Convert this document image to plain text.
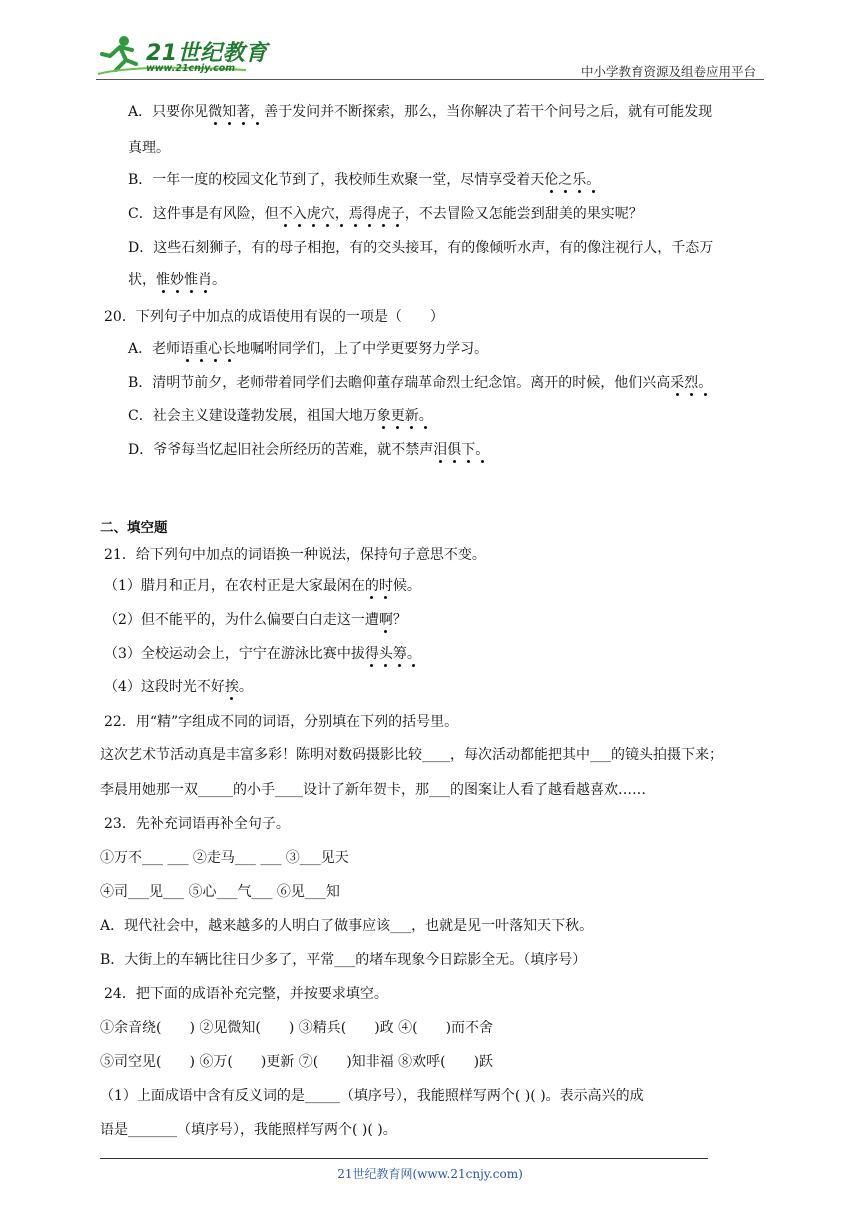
21世纪教育
www.21cnjy.com	中小学教育资源及组卷应用平台
A．只要你见微知著，善于发问并不断探索，那么，当你解决了若干个问号之后，就有可能发现
真理。
B．一年一度的校园文化节到了，我校师生欢聚一堂，尽情享受着天伦之乐。
C．这件事是有风险，但不入虎穴，焉得虎子，不去冒险又怎能尝到甜美的果实呢？
D．这些石刻狮子，有的母子相抱，有的交头接耳，有的像倾听水声，有的像注视行人，千态万
状，惟妙惟肖。
20．下列句子中加点的成语使用有误的一项是（　　）
A．老师语重心长地嘱咐同学们，上了中学更要努力学习。
B．清明节前夕，老师带着同学们去瞻仰董存瑞革命烈士纪念馆。离开的时候，他们兴高采烈。
C．社会主义建设蓬勃发展，祖国大地万象更新。
D．爷爷每当忆起旧社会所经历的苦难，就不禁声泪俱下。
二、填空题
21．给下列句中加点的词语换一种说法，保持句子意思不变。
（1）腊月和正月，在农村正是大家最闲在的时候。
（2）但不能平的，为什么偏要白白走这一遭啊？
（3）全校运动会上，宁宁在游泳比赛中拔得头筹。
（4）这段时光不好挨。
22．用“精”字组成不同的词语，分别填在下列的括号里。
这次艺术节活动真是丰富多彩！陈明对数码摄影比较____，每次活动都能把其中___的镜头拍摄下来；
李晨用她那一双_____的小手____设计了新年贺卡，那___的图案让人看了越看越喜欢……
23．先补充词语再补全句子。
①万不___ ___ ②走马___ ___ ③___见天
④司___见___ ⑤心___气___ ⑥见___知
A．现代社会中，越来越多的人明白了做事应该___，也就是见一叶落知天下秋。
B．大街上的车辆比往日少多了，平常___的堵车现象今日踪影全无。（填序号）
24．把下面的成语补充完整，并按要求填空。
①余音绕(　　) ②见微知(　　) ③精兵(　　)政 ④(　　)而不舍
⑤司空见(　　) ⑥万(　　)更新 ⑦(　　)知非福 ⑧欢呼(　　)跃
（1）上面成语中含有反义词的是_____（填序号），我能照样写两个( )( )。表示高兴的成
语是_______（填序号），我能照样写两个( )( )。
21世纪教育网(www.21cnjy.com)
